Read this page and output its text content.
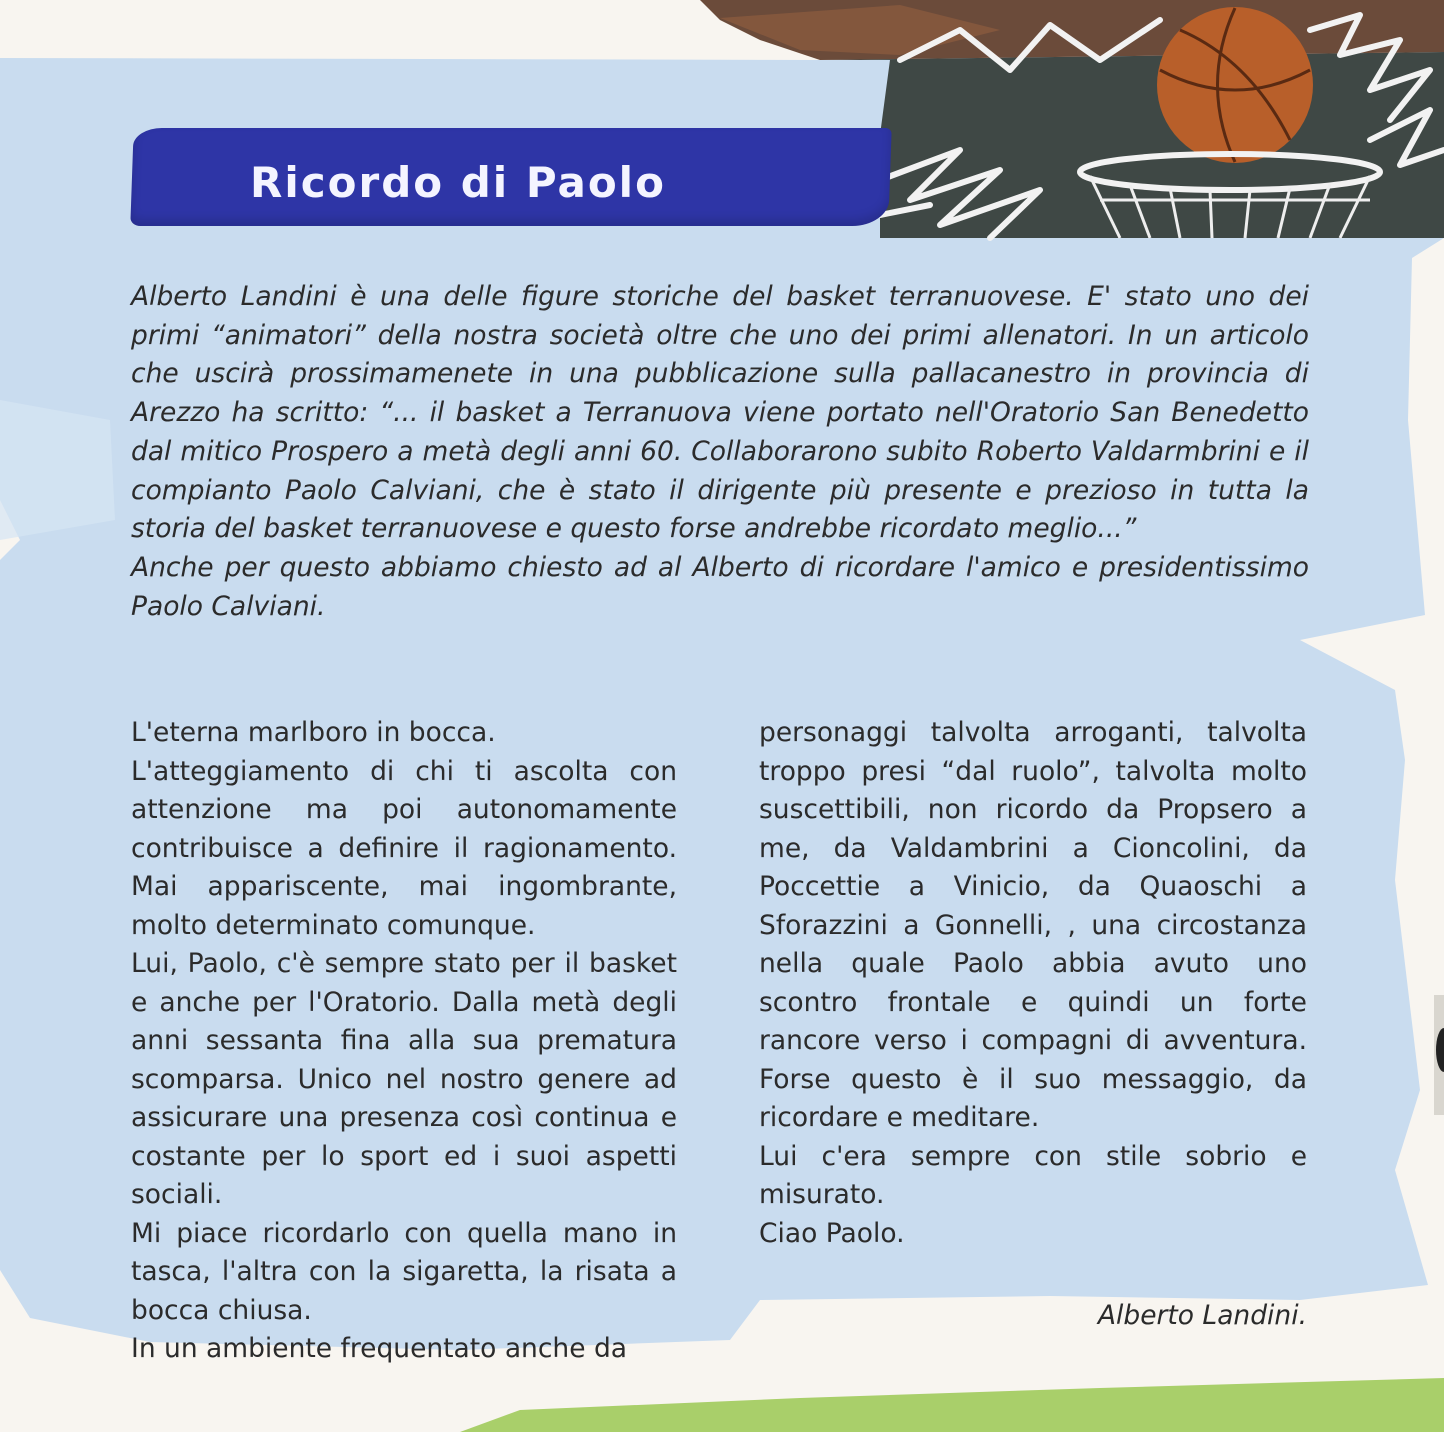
Ricordo di Paolo

Alberto Landini è una delle figure storiche del basket terranuovese. E' stato uno dei primi “animatori” della nostra società oltre che uno dei primi allenatori. In un articolo che uscirà prossimamenete in una pubblicazione sulla pallacanestro in provincia di Arezzo ha scritto: “... il basket a Terranuova viene portato nell'Oratorio San Benedetto dal mitico Prospero a metà degli anni 60. Collaborarono subito Roberto Valdarmbrini e il compianto Paolo Calviani, che è stato il dirigente più presente e prezioso in tutta la storia del basket terranuovese e questo forse andrebbe ricordato meglio...”

Anche per questo abbiamo chiesto ad al Alberto di ricordare l'amico e presidentissimo Paolo Calviani.

L'eterna marlboro in bocca.

L'atteggiamento di chi ti ascolta con attenzione ma poi autonomamente contribuisce a definire il ragionamento. Mai appariscente, mai ingombrante, molto determinato comunque.

Lui, Paolo, c'è sempre stato per il basket e anche per l'Oratorio. Dalla metà degli anni sessanta fina alla sua prematura scomparsa. Unico nel nostro genere ad assicurare una presenza così continua e costante per lo sport ed i suoi aspetti sociali.

Mi piace ricordarlo con quella mano in tasca, l'altra con la sigaretta, la risata a bocca chiusa.

In un ambiente frequentato anche da

personaggi talvolta arroganti, talvolta troppo presi “dal ruolo”, talvolta molto suscettibili, non ricordo da Propsero a me, da Valdambrini a Cioncolini, da Poccettie a Vinicio, da Quaoschi a Sforazzini a Gonnelli, , una circostanza nella quale Paolo abbia avuto uno scontro frontale e quindi un forte rancore verso i compagni di avventura. Forse questo è il suo messaggio, da ricordare e meditare.

Lui c'era sempre con stile sobrio e misurato.

Ciao Paolo.

Alberto Landini.
